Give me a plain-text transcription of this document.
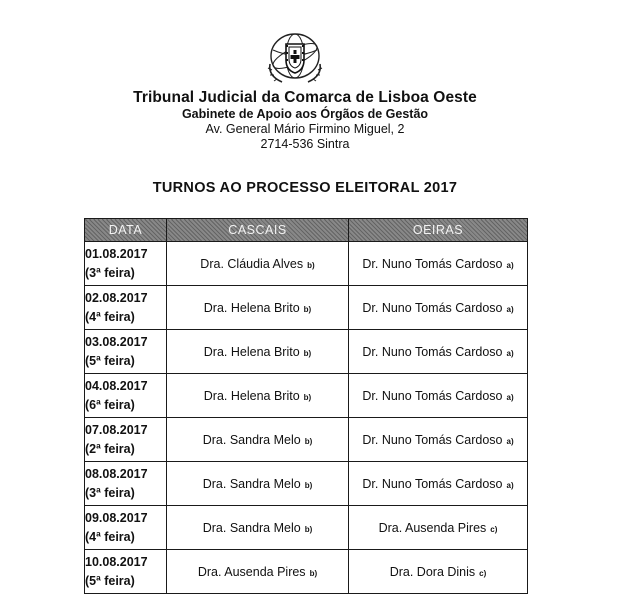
Tribunal Judicial da Comarca de Lisboa Oeste
Gabinete de Apoio aos Órgãos de Gestão
Av. General Mário Firmino Miguel, 2
2714-536 Sintra
TURNOS AO PROCESSO ELEITORAL 2017
DATA	CASCAIS	OEIRAS

01.08.2017
(3ª feira)	Dra. Cláudia Alves b)	Dr. Nuno Tomás Cardoso a)

02.08.2017
(4ª feira)	Dra. Helena Brito b)	Dr. Nuno Tomás Cardoso a)

03.08.2017
(5ª feira)	Dra. Helena Brito b)	Dr. Nuno Tomás Cardoso a)

04.08.2017
(6ª feira)	Dra. Helena Brito b)	Dr. Nuno Tomás Cardoso a)

07.08.2017
(2ª feira)	Dra. Sandra Melo b)	Dr. Nuno Tomás Cardoso a)

08.08.2017
(3ª feira)	Dra. Sandra Melo b)	Dr. Nuno Tomás Cardoso a)

09.08.2017
(4ª feira)	Dra. Sandra Melo b)	Dra. Ausenda Pires c)

10.08.2017
(5ª feira)	Dra. Ausenda Pires b)	Dra. Dora Dinis c)
